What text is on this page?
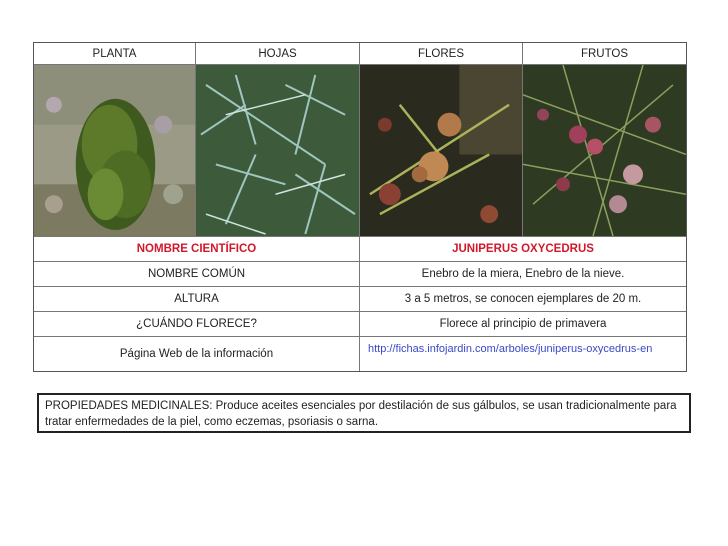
PLANTA	HOJAS	FLORES	FRUTOS
NOMBRE CIENTÍFICO	JUNIPERUS OXYCEDRUS
NOMBRE COMÚN	Enebro de la miera, Enebro de la nieve.
ALTURA	3 a 5 metros, se conocen ejemplares de 20 m.
¿CUÁNDO FLORECE?	Florece al principio de primavera
Página Web de la información	http://fichas.infojardin.com/arboles/juniperus-oxycedrus-en
PROPIEDADES MEDICINALES: Produce aceites esenciales por destilación de sus gálbulos, se usan tradicionalmente para tratar enfermedades de la piel, como eczemas, psoriasis o sarna.
